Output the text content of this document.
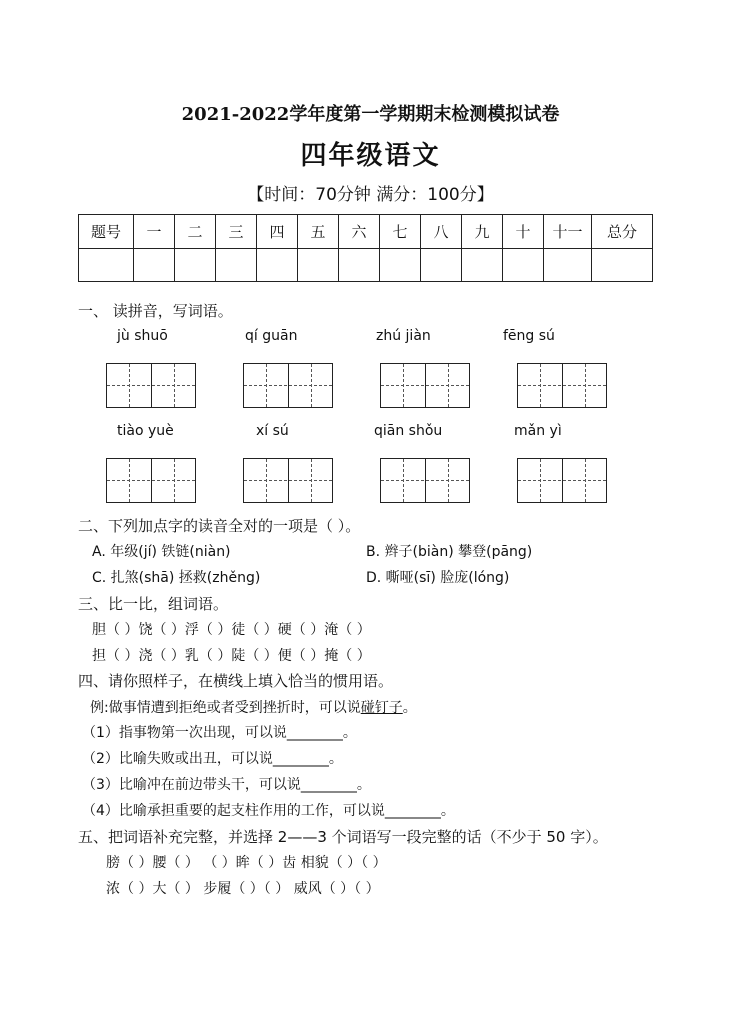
2021-2022学年度第一学期期末检测模拟试卷
四年级语文
【时间：70分钟 满分：100分】
题号	一	二	三	四	五	六	七	八	九	十	十一	总分

一、 读拼音，写词语。
jù shuō	qí guān	zhú jiàn	fēng sú
tiào yuè	xí sú	qiān shǒu	mǎn yì
二、下列加点字的读音全对的一项是（ ）。
A. 年级(jí) 铁链(niàn)	B. 辫子(biàn) 攀登(pāng)
C. 扎煞(shā) 拯救(zhěng)	D. 嘶哑(sī) 脸庞(lóng)
三、比一比，组词语。
胆（ ）饶（ ）浮（ ）徒（ ）硬（ ）淹（ ）
担（ ）浇（ ）乳（ ）陡（ ）便（ ）掩（ ）
四、请你照样子，在横线上填入恰当的惯用语。
例:做事情遭到拒绝或者受到挫折时，可以说碰钉子。
（1）指事物第一次出现，可以说________。
（2）比喻失败或出丑，可以说________。
（3）比喻冲在前边带头干，可以说________。
（4）比喻承担重要的起支柱作用的工作，可以说________。
五、把词语补充完整，并选择 2——3 个词语写一段完整的话（不少于 50 字）。
膀（ ）腰（ ） （ ）眸（ ）齿 相貌（ ）（ ）
浓（ ）大（ ） 步履（ ）（ ） 威风（ ）（ ）
